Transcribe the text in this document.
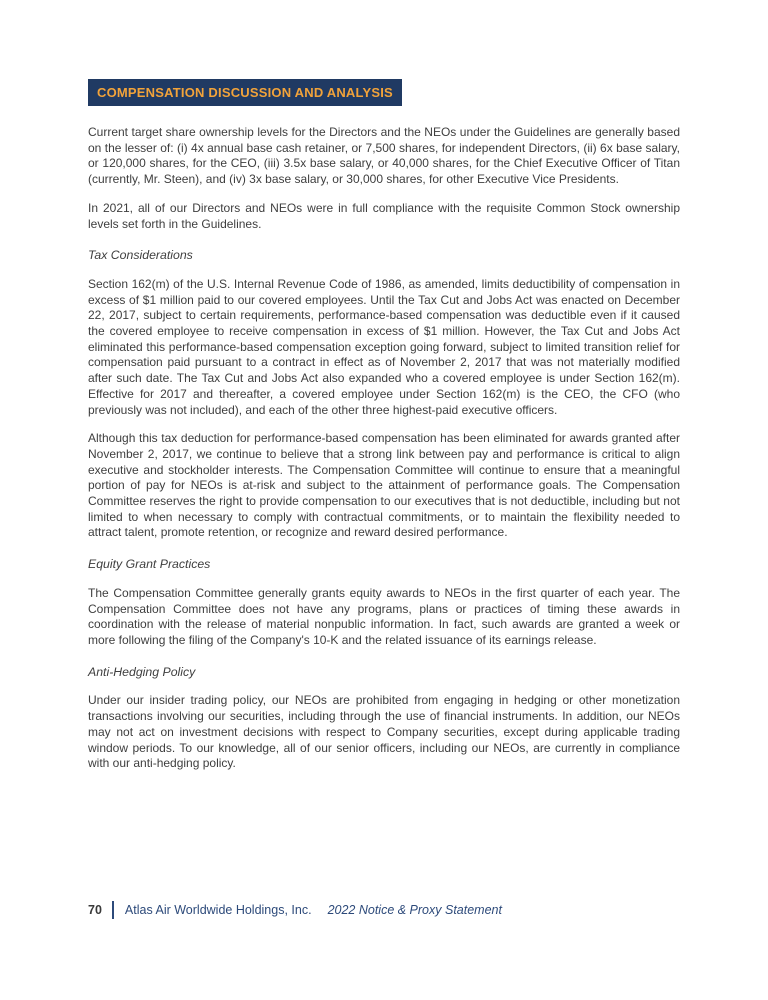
COMPENSATION DISCUSSION AND ANALYSIS

Current target share ownership levels for the Directors and the NEOs under the Guidelines are generally based on the lesser of: (i) 4x annual base cash retainer, or 7,500 shares, for independent Directors, (ii) 6x base salary, or 120,000 shares, for the CEO, (iii) 3.5x base salary, or 40,000 shares, for the Chief Executive Officer of Titan (currently, Mr. Steen), and (iv) 3x base salary, or 30,000 shares, for other Executive Vice Presidents.

In 2021, all of our Directors and NEOs were in full compliance with the requisite Common Stock ownership levels set forth in the Guidelines.

Tax Considerations

Section 162(m) of the U.S. Internal Revenue Code of 1986, as amended, limits deductibility of compensation in excess of $1 million paid to our covered employees. Until the Tax Cut and Jobs Act was enacted on December 22, 2017, subject to certain requirements, performance-based compensation was deductible even if it caused the covered employee to receive compensation in excess of $1 million. However, the Tax Cut and Jobs Act eliminated this performance-based compensation exception going forward, subject to limited transition relief for compensation paid pursuant to a contract in effect as of November 2, 2017 that was not materially modified after such date. The Tax Cut and Jobs Act also expanded who a covered employee is under Section 162(m). Effective for 2017 and thereafter, a covered employee under Section 162(m) is the CEO, the CFO (who previously was not included), and each of the other three highest-paid executive officers.

Although this tax deduction for performance-based compensation has been eliminated for awards granted after November 2, 2017, we continue to believe that a strong link between pay and performance is critical to align executive and stockholder interests. The Compensation Committee will continue to ensure that a meaningful portion of pay for NEOs is at-risk and subject to the attainment of performance goals. The Compensation Committee reserves the right to provide compensation to our executives that is not deductible, including but not limited to when necessary to comply with contractual commitments, or to maintain the flexibility needed to attract talent, promote retention, or recognize and reward desired performance.

Equity Grant Practices

The Compensation Committee generally grants equity awards to NEOs in the first quarter of each year. The Compensation Committee does not have any programs, plans or practices of timing these awards in coordination with the release of material nonpublic information. In fact, such awards are granted a week or more following the filing of the Company's 10-K and the related issuance of its earnings release.

Anti-Hedging Policy

Under our insider trading policy, our NEOs are prohibited from engaging in hedging or other monetization transactions involving our securities, including through the use of financial instruments. In addition, our NEOs may not act on investment decisions with respect to Company securities, except during applicable trading window periods. To our knowledge, all of our senior officers, including our NEOs, are currently in compliance with our anti-hedging policy.

70 Atlas Air Worldwide Holdings, Inc. 2022 Notice & Proxy Statement
